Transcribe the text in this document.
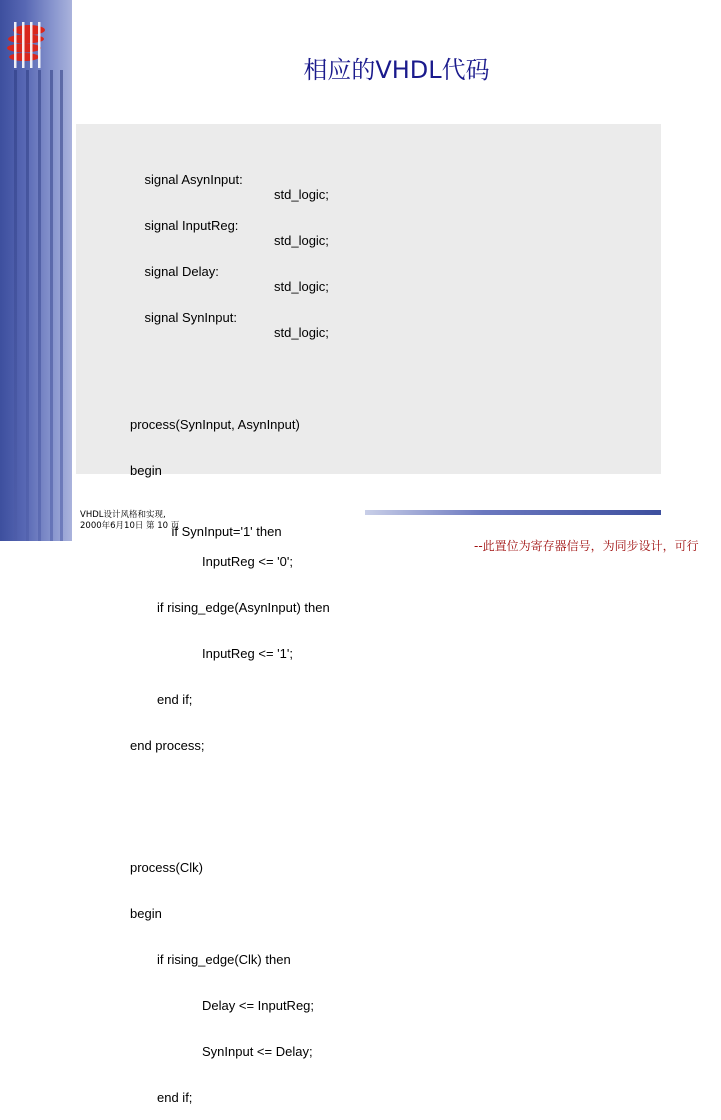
相应的VHDL代码

signal AsynInput:

std_logic;

signal InputReg:

std_logic;

signal Delay:

std_logic;

signal SynInput:

std_logic;

process(SynInput, AsynInput)

begin

if SynInput='1' then

--此置位为寄存器信号，为同步设计，可行

InputReg <= '0';

if rising_edge(AsynInput) then

InputReg <= '1';

end if;

end process;

process(Clk)

begin

if rising_edge(Clk) then

Delay <= InputReg;

SynInput <= Delay;

end if;

VHDL设计风格和实现,
2000年6月10日 第 10 页
